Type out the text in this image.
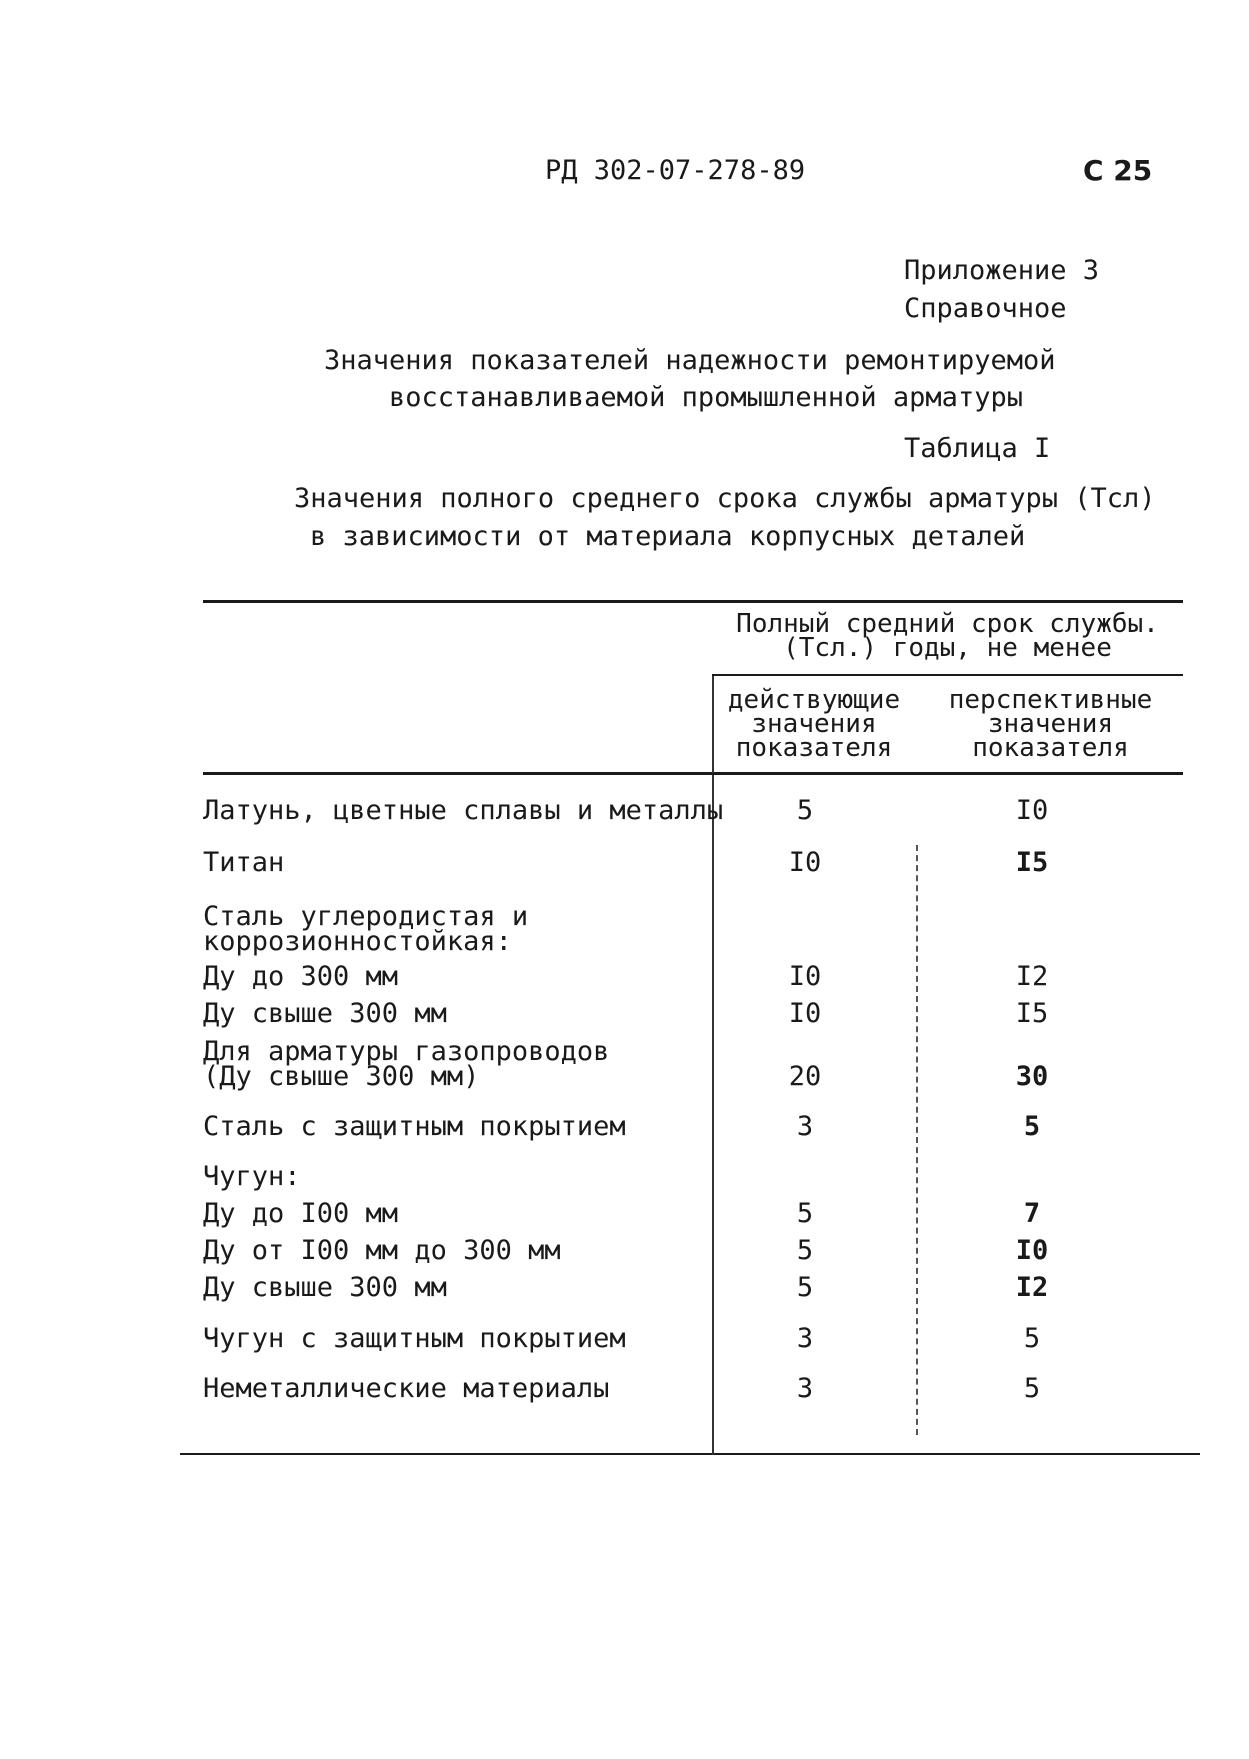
РД 302-07-278-89	С 25
Приложение 3
Справочное
Значения показателей надежности ремонтируемой
восстанавливаемой промышленной арматуры
Таблица I
Значения полного среднего срока службы арматуры (Тсл)
в зависимости от материала корпусных деталей
Полный средний срок службы.
(Тсл.) годы, не менее
действующие
значения
показателя
перспективные
значения
показателя
Латунь, цветные сплавы и металлы	5	I0
Титан	I0	I5
Сталь углеродистая и
коррозионностойкая:
Ду до 300 мм	I0	I2
Ду свыше 300 мм	I0	I5
Для арматуры газопроводов
(Ду свыше 300 мм)	20	30
Сталь с защитным покрытием	3	5
Чугун:
Ду до I00 мм	5	7
Ду от I00 мм до 300 мм	5	I0
Ду свыше 300 мм	5	I2
Чугун с защитным покрытием	3	5
Неметаллические материалы	3	5
